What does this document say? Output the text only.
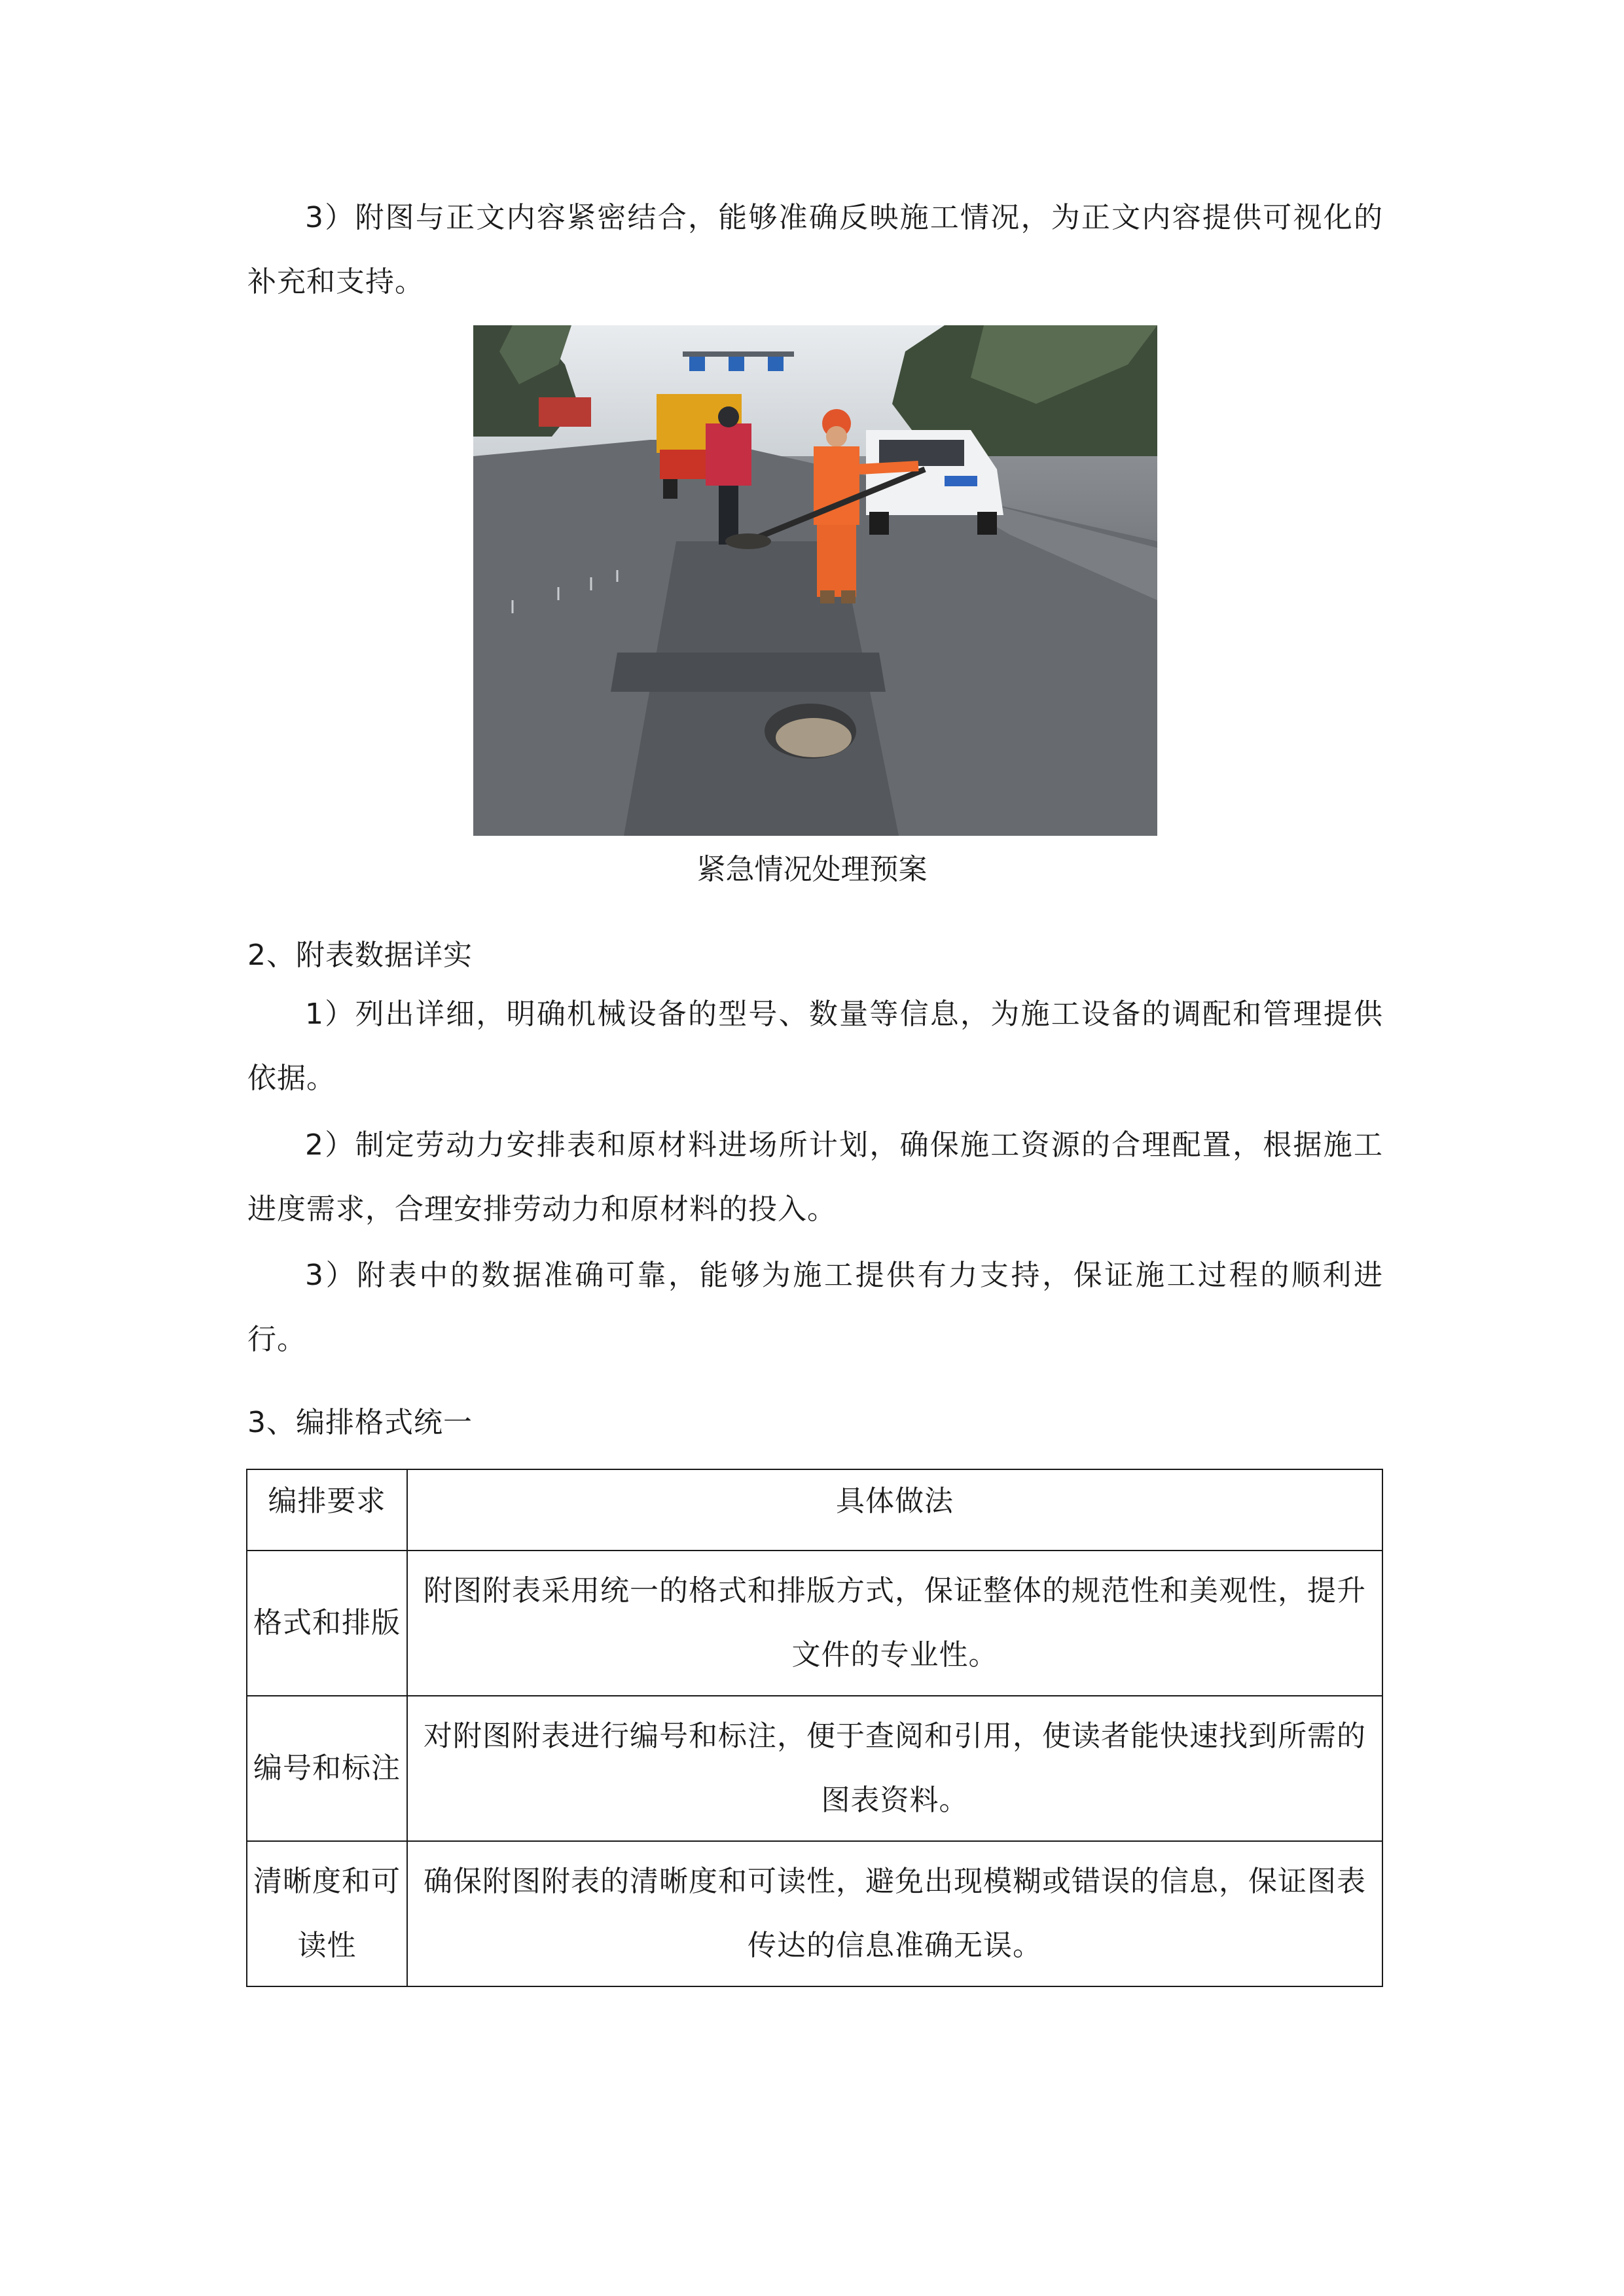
3）附图与正文内容紧密结合，能够准确反映施工情况，为正文内容提供可视化的补充和支持。

紧急情况处理预案

2、附表数据详实

1）列出详细，明确机械设备的型号、数量等信息，为施工设备的调配和管理提供依据。

2）制定劳动力安排表和原材料进场所计划，确保施工资源的合理配置，根据施工进度需求，合理安排劳动力和原材料的投入。

3）附表中的数据准确可靠，能够为施工提供有力支持，保证施工过程的顺利进行。

3、编排格式统一

编排要求	具体做法
格式和排版	附图附表采用统一的格式和排版方式，保证整体的规范性和美观性，提升文件的专业性。
编号和标注	对附图附表进行编号和标注，便于查阅和引用，使读者能快速找到所需的图表资料。
清晰度和可读性	确保附图附表的清晰度和可读性，避免出现模糊或错误的信息，保证图表传达的信息准确无误。
